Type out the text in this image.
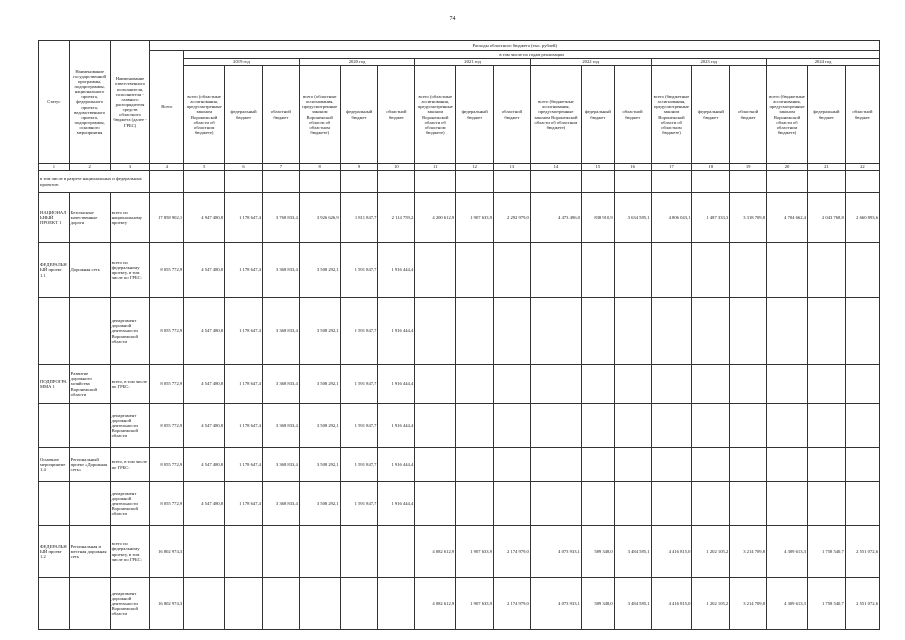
74
Статус	Наименование государственной программы, подпрограммы, национального проекта, федерального проекта, ведомственного проекта, подпрограммы, основного мероприятия	Наименование ответственного исполнителя, исполнителя - главного распорядителя средств областного бюджета (далее - ГРБС)	Расходы областного бюджета (тыс. рублей)																		
			Всего	в том числе по годам реализации																	
				2019 год			2020 год			2021 год			2022 год			2023 год			2024 год		
				всего (областные ассигнования, предусмотренные законом Воронежской области об областном бюджете)	федеральный бюджет	областной бюджет	всего (областные ассигнования, предусмотренные законом Воронежской области об областном бюджете)	федеральный бюджет	областной бюджет	всего (областные ассигнования, предусмотренные законом Воронежской области об областном бюджете)	федеральный бюджет	областной бюджет	всего (бюджетные ассигнования, предусмотренные законом Воронежской области об областном бюджете)	федеральный бюджет	областной бюджет	всего (бюджетные ассигнования, предусмотренные законом Воронежской области об областном бюджете)	федеральный бюджет	областной бюджет	всего (бюджетные ассигнования, предусмотренные законом Воронежской области об областном бюджете)	федеральный бюджет	областной бюджет
1	2	3	4	5	6	7	8	9	10	11	12	13	14	15	16	17	18	19	20	21	22
в том числе в разрезе национальных и федеральных проектов:																					
НАЦИОНАЛЬНЫЙ ПРОЕКТ 1	Безопасные качественные дороги	всего по национальному проекту	17 858 902,1	4 947 480,8	1 178 647,4	3 768 833,4	3 926 626,9	1 811 847,7	2 114 759,2	4 200 612,9	1 907 633,9	2 292 979,0	4 473 496,0	838 910,9	3 634 585,1	4 806 043,1	1 487 333,3	3 318 709,8	4 704 662,4	2 043 768,8	2 660 893,6
ФЕДЕРАЛЬНЫЙ проект 1.1	Дорожная сеть	всего по федеральному проекту, в том числе по ГРБС:	8 055 772,9	4 547 480,8	1 178 647,4	3 368 833,4	3 508 292,1	1 591 847,7	1 916 444,4												
		департамент дорожной деятельности Воронежской области	8 055 772,9	4 547 480,8	1 178 647,4	3 368 833,4	3 508 292,1	1 591 847,7	1 916 444,4												
ПОДПРОГРАММА 1	Развитие дорожного хозяйства Воронежской области	всего, в том числе по ГРБС:	8 055 772,9	4 547 480,8	1 178 647,4	3 368 833,4	3 508 292,1	1 591 847,7	1 916 444,4												
		департамент дорожной деятельности Воронежской области	8 055 772,9	4 547 480,8	1 178 647,4	3 368 833,4	3 508 292,1	1 591 847,7	1 916 444,4												
Основное мероприятие 1.4	Региональный проект «Дорожная сеть»	всего, в том числе по ГРБС:	8 055 772,9	4 547 480,8	1 178 647,4	3 368 833,4	3 508 292,1	1 591 847,7	1 916 444,4												
		департамент дорожной деятельности Воронежской области	8 055 772,9	4 547 480,8	1 178 647,4	3 368 833,4	3 508 292,1	1 591 847,7	1 916 444,4												
ФЕДЕРАЛЬНЫЙ проект 1.2	Региональная и местная дорожная сеть	всего по федеральному проекту, в том числе по ГРБС:	16 802 974,3							4 082 612,9	1 907 633,9	2 174 979,0	4 073 933,1	589 348,0	3 484 585,1	4 416 815,0	1 202 105,2	3 214 709,8	4 309 613,3	1 758 540,7	2 551 072,6
		департамент дорожной деятельности Воронежской области	16 802 974,3							4 082 612,9	1 907 633,9	2 174 979,0	4 073 933,1	589 348,0	3 484 585,1	4 416 815,0	1 202 105,2	3 214 709,8	4 309 613,3	1 758 540,7	2 551 072,6
